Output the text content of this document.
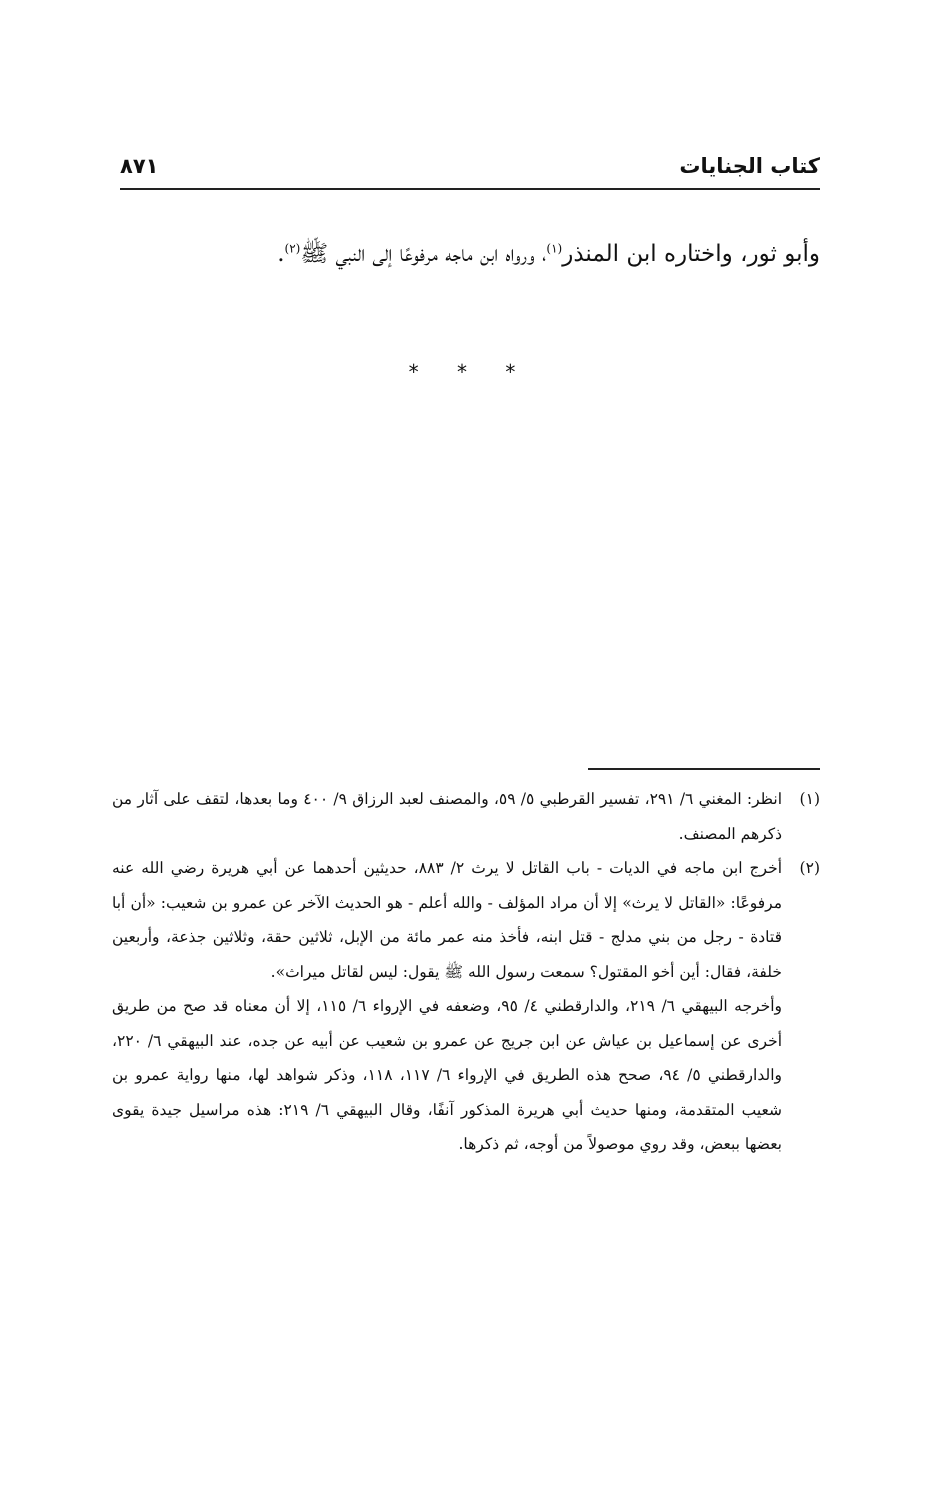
كتاب الجنايات
٨٧١
وأبو ثور، واختاره ابن المنذر$^{(١)}$، ورواه ابن ماجه مرفوعًا إلى النبي ﷺ$^{(٢)}$.
* * *
(١)
انظر: المغني ٦/ ٢٩١، تفسير القرطبي ٥/ ٥٩، والمصنف لعبد الرزاق ٩/ ٤٠٠ وما بعدها، لتقف على آثار من ذكرهم المصنف.
(٢)
أخرج ابن ماجه في الديات - باب القاتل لا يرث ٢/ ٨٨٣، حديثين أحدهما عن أبي هريرة رضي الله عنه مرفوعًا: «القاتل لا يرث» إلا أن مراد المؤلف - والله أعلم - هو الحديث الآخر عن عمرو بن شعيب: «أن أبا قتادة - رجل من بني مدلج - قتل ابنه، فأخذ منه عمر مائة من الإبل، ثلاثين حقة، وثلاثين جذعة، وأربعين خلفة، فقال: أين أخو المقتول؟ سمعت رسول الله ﷺ يقول: ليس لقاتل ميراث».
وأخرجه البيهقي ٦/ ٢١٩، والدارقطني ٤/ ٩٥، وضعفه في الإرواء ٦/ ١١٥، إلا أن معناه قد صح من طريق أخرى عن إسماعيل بن عياش عن ابن جريج عن عمرو بن شعيب عن أبيه عن جده، عند البيهقي ٦/ ٢٢٠، والدارقطني ٥/ ٩٤، صحح هذه الطريق في الإرواء ٦/ ١١٧، ١١٨، وذكر شواهد لها، منها رواية عمرو بن شعيب المتقدمة، ومنها حديث أبي هريرة المذكور آنفًا، وقال البيهقي ٦/ ٢١٩: هذه مراسيل جيدة يقوى بعضها ببعض، وقد روي موصولاً من أوجه، ثم ذكرها.
